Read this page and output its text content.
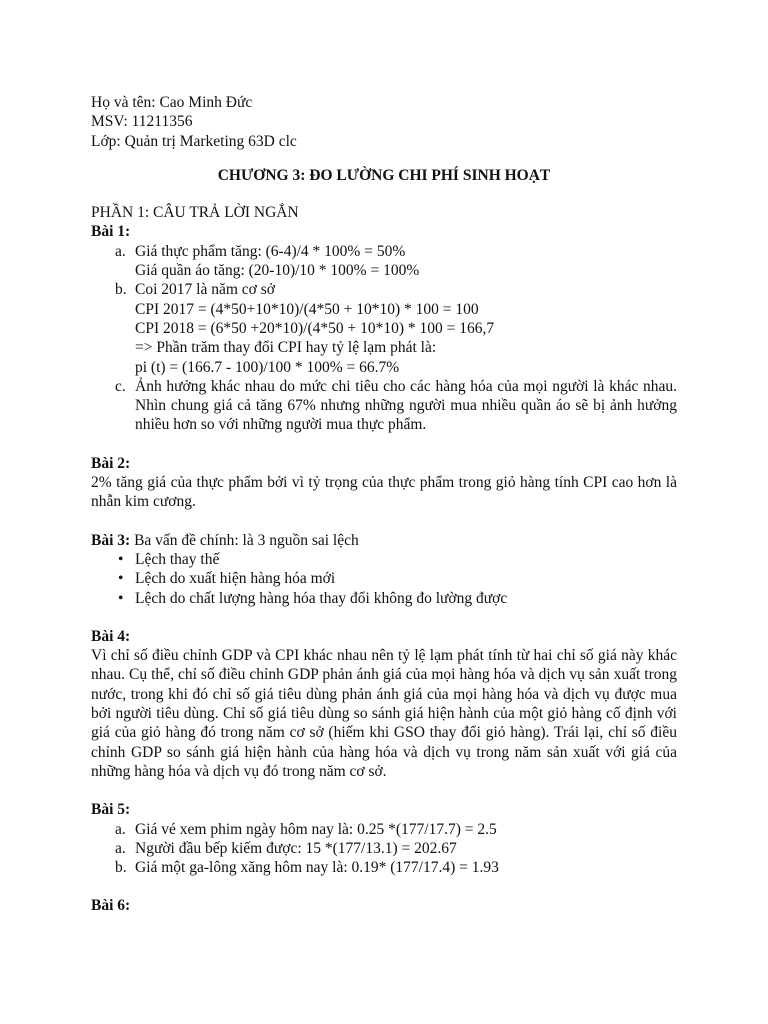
Họ và tên: Cao Minh Đức
MSV: 11211356
Lớp: Quản trị Marketing 63D clc
CHƯƠNG 3: ĐO LƯỜNG CHI PHÍ SINH HOẠT
PHẦN 1: CÂU TRẢ LỜI NGẮN
Bài 1:
a. Giá thực phẩm tăng: (6-4)/4 * 100% = 50%
Giá quần áo tăng: (20-10)/10 * 100% = 100%
b. Coi 2017 là năm cơ sở
CPI 2017 = (4*50+10*10)/(4*50 + 10*10) * 100 = 100
CPI 2018 = (6*50 +20*10)/(4*50 + 10*10) * 100 = 166,7
=> Phần trăm thay đổi CPI hay tỷ lệ lạm phát là:
pi (t) = (166.7 - 100)/100 * 100% = 66.7%
c. Ảnh hưởng khác nhau do mức chi tiêu cho các hàng hóa của mọi người là khác nhau. Nhìn chung giá cả tăng 67% nhưng những người mua nhiều quần áo sẽ bị ảnh hưởng nhiều hơn so với những người mua thực phẩm.
Bài 2:
2% tăng giá của thực phẩm bởi vì tỷ trọng của thực phẩm trong giỏ hàng tính CPI cao hơn là nhẫn kim cương.
Bài 3: Ba vấn đề chính: là 3 nguồn sai lệch
• Lệch thay thế
• Lệch do xuất hiện hàng hóa mới
• Lệch do chất lượng hàng hóa thay đổi không đo lường được
Bài 4:
Vì chỉ số điều chỉnh GDP và CPI khác nhau nên tỷ lệ lạm phát tính từ hai chỉ số giá này khác nhau. Cụ thể, chỉ số điều chỉnh GDP phản ánh giá của mọi hàng hóa và dịch vụ sản xuất trong nước, trong khi đó chỉ số giá tiêu dùng phản ánh giá của mọi hàng hóa và dịch vụ được mua bởi người tiêu dùng. Chỉ số giá tiêu dùng so sánh giá hiện hành của một giỏ hàng cố định với giá của giỏ hàng đó trong năm cơ sở (hiếm khi GSO thay đổi giỏ hàng). Trái lại, chỉ số điều chỉnh GDP so sánh giá hiện hành của hàng hóa và dịch vụ trong năm sản xuất với giá của những hàng hóa và dịch vụ đó trong năm cơ sở.
Bài 5:
a. Giá vé xem phim ngày hôm nay là: 0.25 *(177/17.7) = 2.5
a. Người đầu bếp kiếm được: 15 *(177/13.1) = 202.67
b. Giá một ga-lông xăng hôm nay là: 0.19* (177/17.4) = 1.93
Bài 6:
